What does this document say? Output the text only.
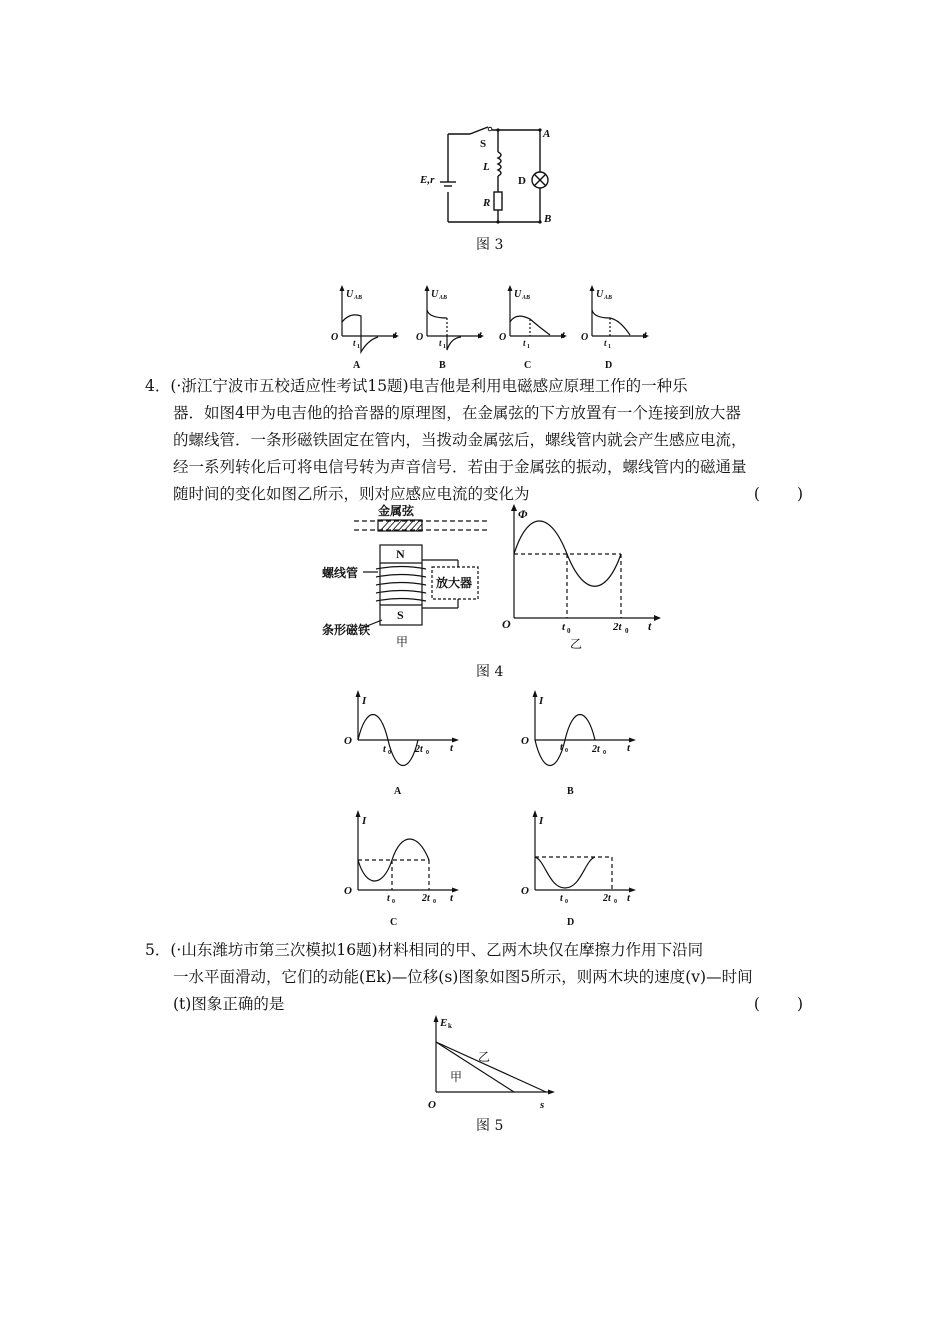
S
E,r
L
R
D
A
B
图 3
U AB
O	t
t 1
A
U AB
O	t
t 1
B
U AB
O	t
t 1
C
U AB
O	t
t 1
D

4．(·浙江宁波市五校适应性考试15题)电吉他是利用电磁感应原理工作的一种乐

器．如图4甲为电吉他的拾音器的原理图，在金属弦的下方放置有一个连接到放大器

的螺线管．一条形磁铁固定在管内，当拨动金属弦后，螺线管内就会产生感应电流，

经一系列转化后可将电信号转为声音信号．若由于金属弦的振动，螺线管内的磁通量

随时间的变化如图乙所示，则对应感应电流的变化为	(　　)

金属弦
N
S
螺线管
放大器
条形磁铁
甲
Φ
O	t 0	2t 0 t
乙
图 4
I
O
t 0 2t 0 t
A
I
O
t 0 2t 0 t
B
I
O
t 0	2t 0 t
C
I
O
t 0	2t 0 t
D

5．(·山东潍坊市第三次模拟16题)材料相同的甲、乙两木块仅在摩擦力作用下沿同

一水平面滑动，它们的动能(Ek)—位移(s)图象如图5所示，则两木块的速度(v)—时间

(t)图象正确的是	(　　)

E k
O	s
甲
乙
图 5
